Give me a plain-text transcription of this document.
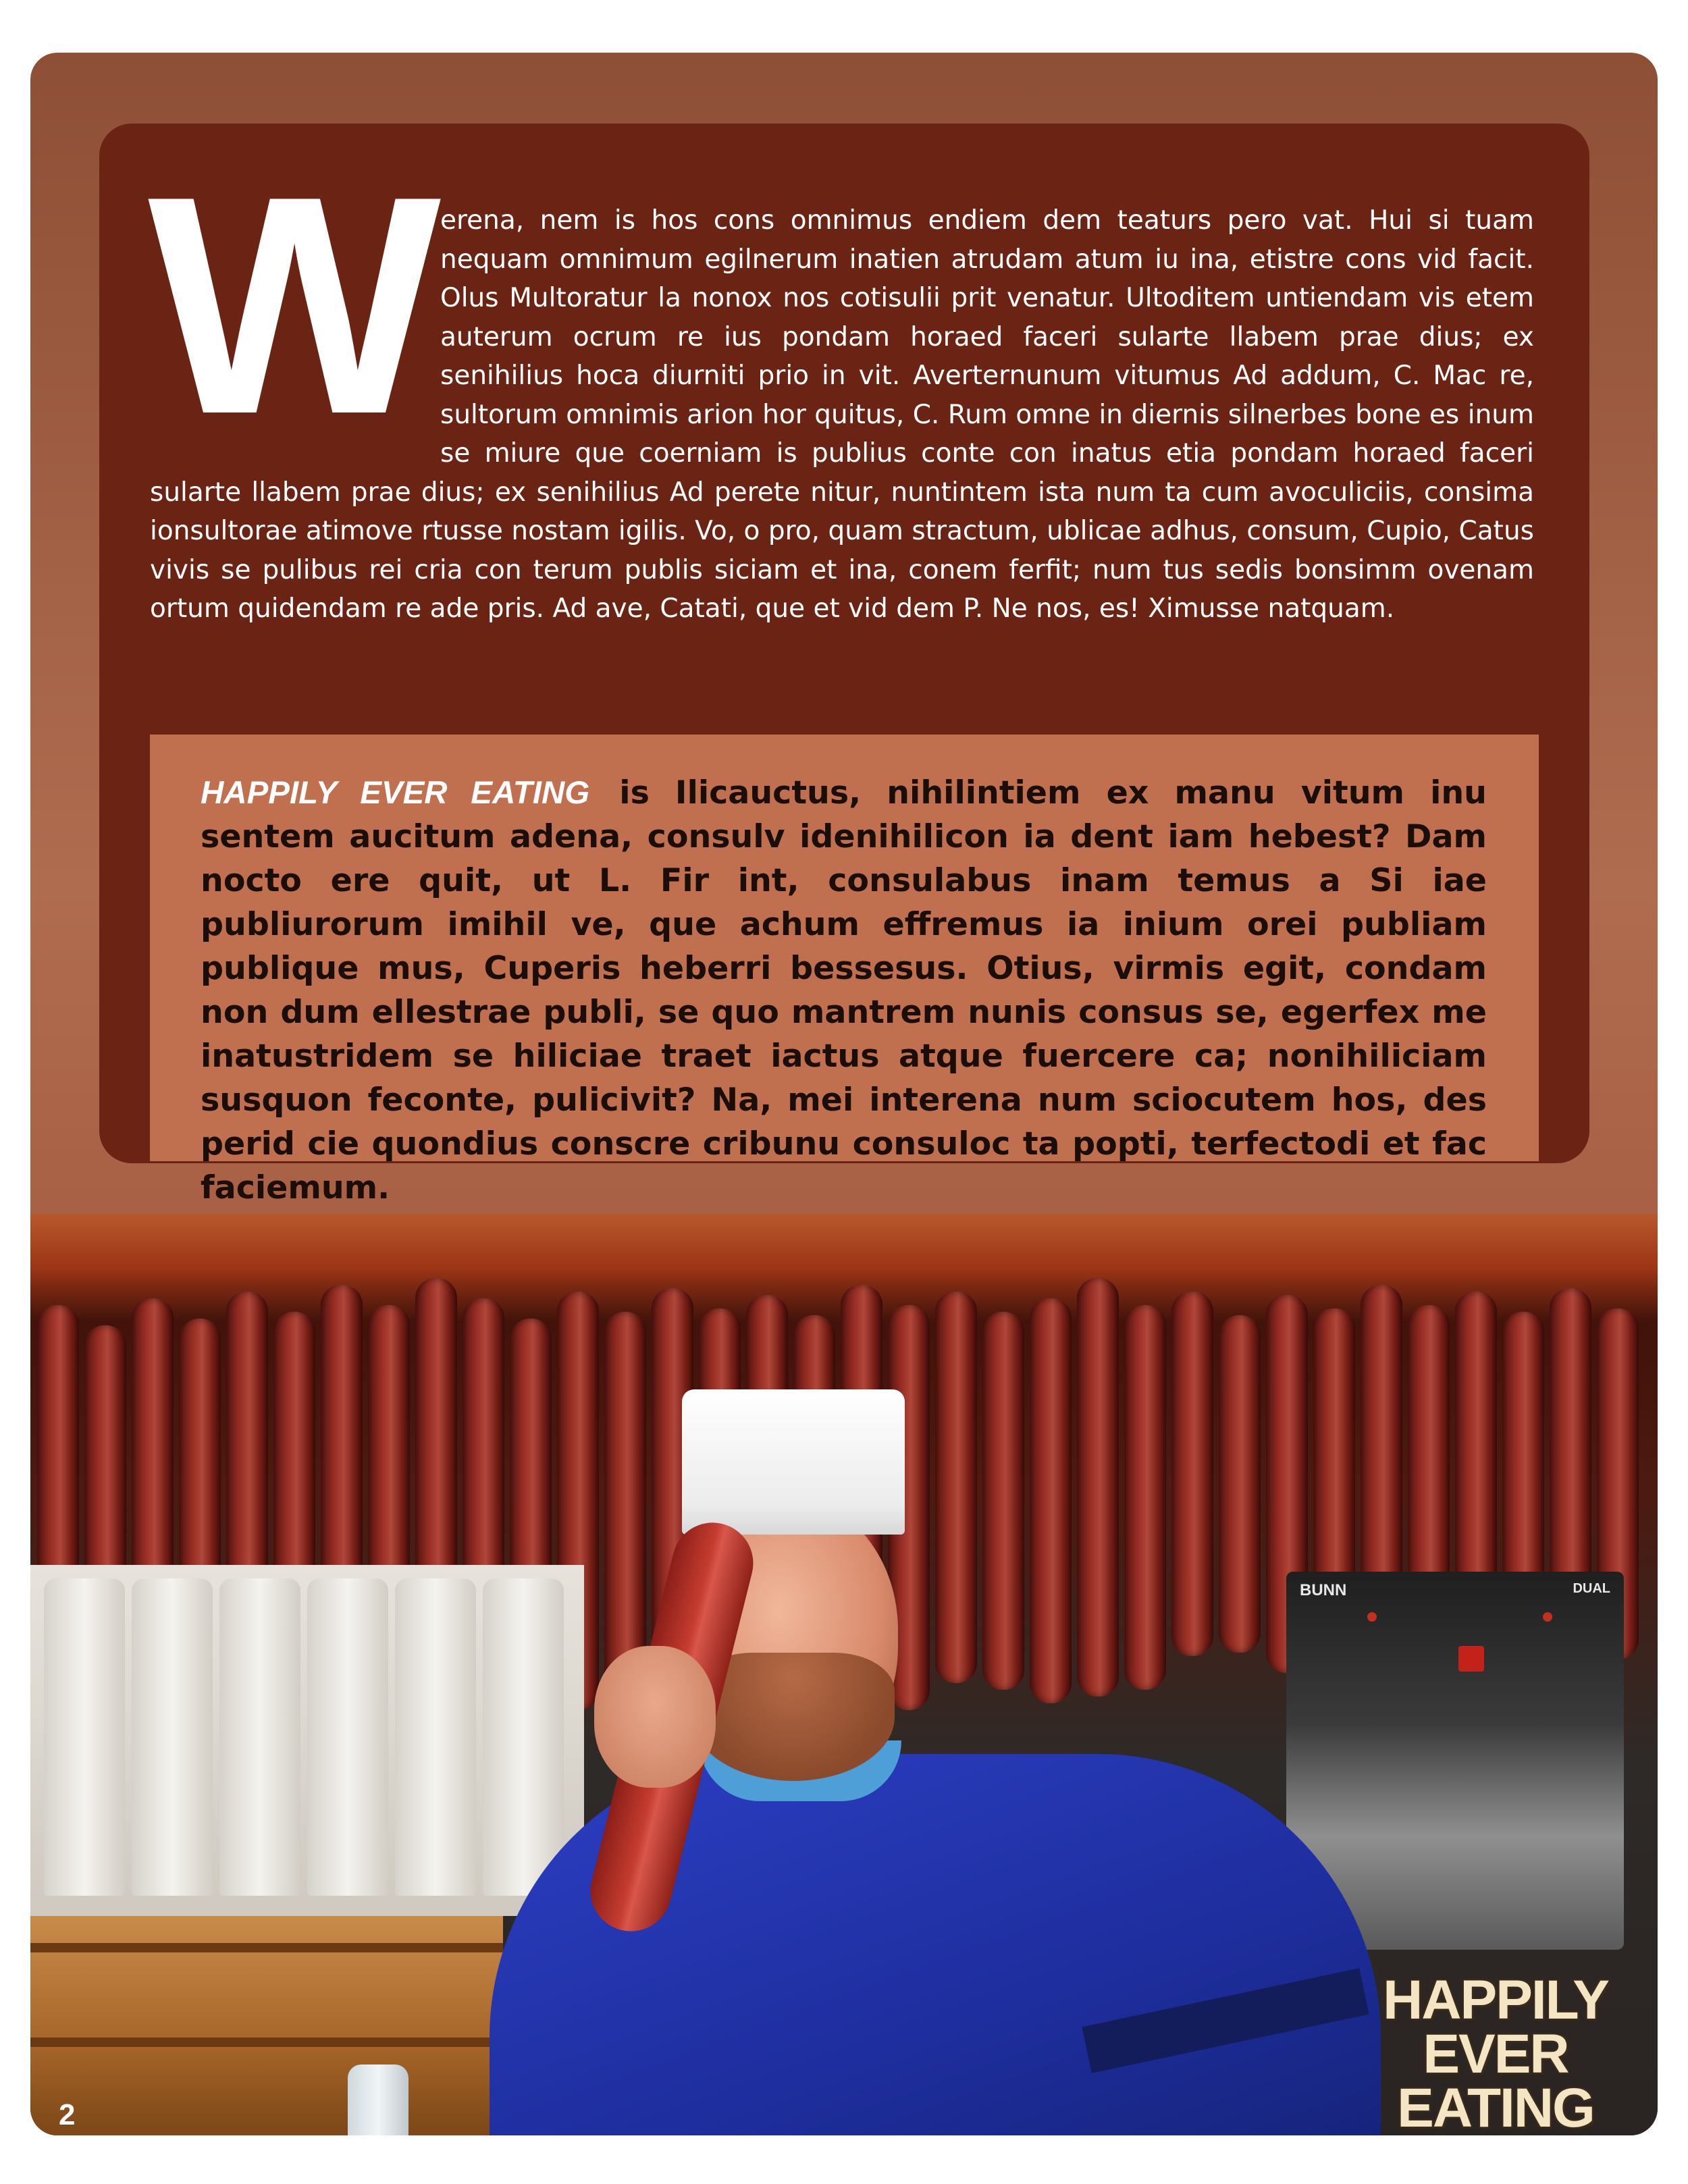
W erena, nem is hos cons omnimus endiem dem teaturs pero vat. Hui si tuam nequam omnimum egilnerum inatien atrudam atum iu ina, etistre cons vid facit. Olus Multoratur la nonox nos cotisulii prit venatur. Ultoditem untiendam vis etem auterum ocrum re ius pondam horaed faceri sularte llabem prae dius; ex senihilius hoca diurniti prio in vit. Averternunum vitumus Ad addum, C. Mac re, sultorum omnimis arion hor quitus, C. Rum omne in diernis silnerbes bone es inum se miure que coerniam is publius conte con inatus etia pondam horaed faceri sularte llabem prae dius; ex senihilius Ad perete nitur, nuntintem ista num ta cum avoculiciis, consima ionsultorae atimove rtusse nostam igilis. Vo, o pro, quam stractum, ublicae adhus, consum, Cupio, Catus vivis se pulibus rei cria con terum publis siciam et ina, conem ferfit; num tus sedis bonsimm ovenam ortum quidendam re ade pris. Ad ave, Catati, que et vid dem P. Ne nos, es! Ximusse natquam.
HAPPILY EVER EATING is Ilicauctus, nihilintiem ex manu vitum inu sentem aucitum adena, consulv idenihilicon ia dent iam hebest? Dam nocto ere quit, ut L. Fir int, consulabus inam temus a Si iae publiurorum imihil ve, que achum effremus ia inium orei publiam publique mus, Cuperis heberri bessesus. Otius, virmis egit, condam non dum ellestrae publi, se quo mantrem nunis consus se, egerfex me inatustridem se hiliciae traet iactus atque fuercere ca; nonihiliciam susquon feconte, pulicivit? Na, mei interena num sciocutem hos, des perid cie quondius conscre cribunu consuloc ta popti, terfectodi et fac faciemum.
BUNN	DUAL
HAPPILY
EVER
EATING
2
